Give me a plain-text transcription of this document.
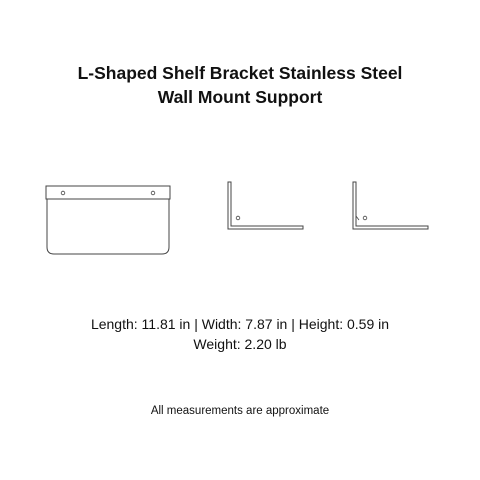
L-Shaped Shelf Bracket Stainless Steel
Wall Mount Support
Length: 11.81 in | Width: 7.87 in | Height: 0.59 in
Weight: 2.20 lb
All measurements are approximate
